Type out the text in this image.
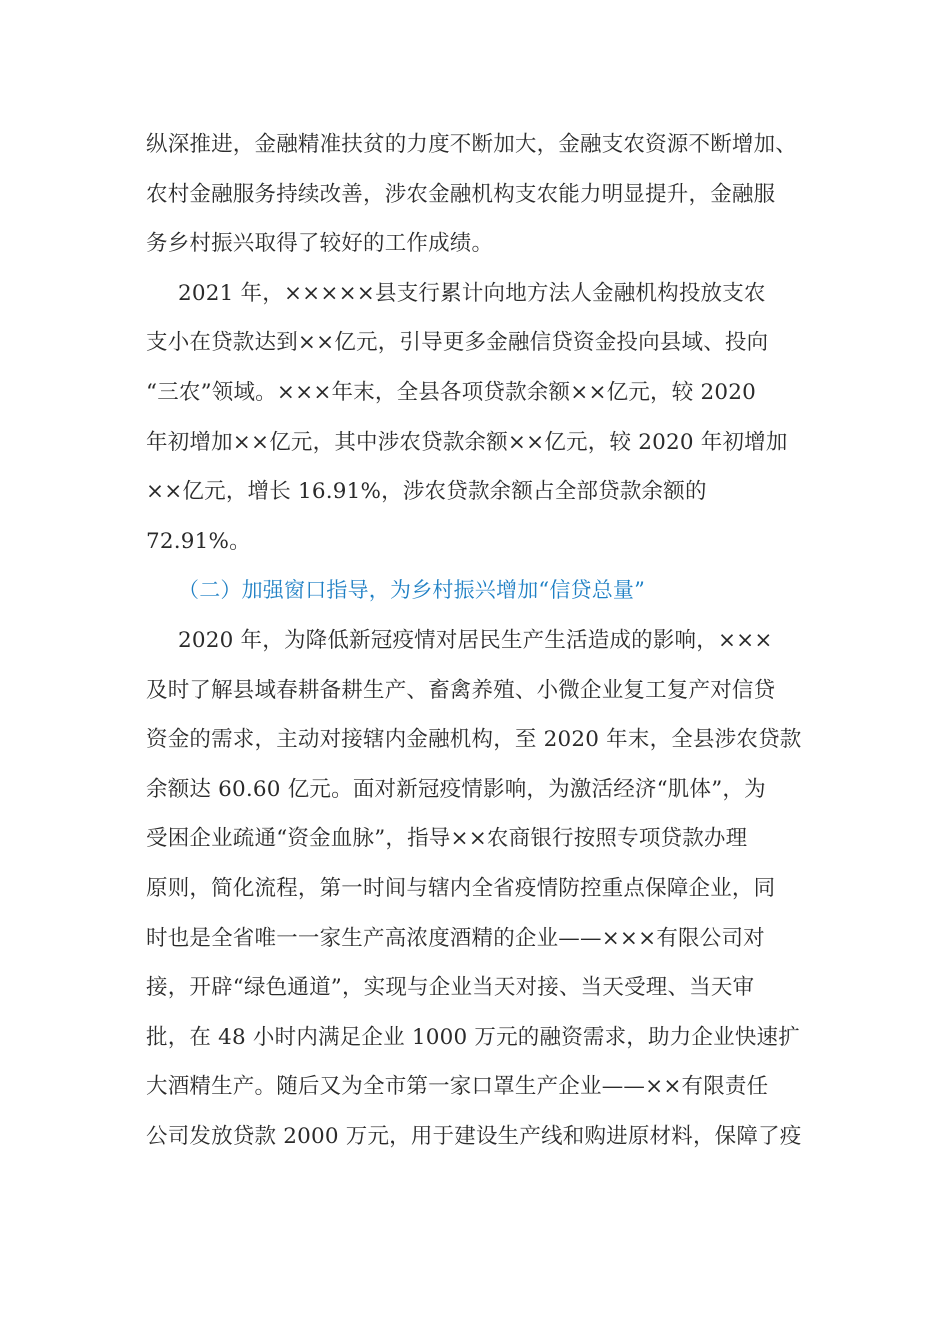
纵深推进，金融精准扶贫的力度不断加大，金融支农资源不断增加、
农村金融服务持续改善，涉农金融机构支农能力明显提升，金融服
务乡村振兴取得了较好的工作成绩。
2021 年，×××××县支行累计向地方法人金融机构投放支农
支小在贷款达到××亿元，引导更多金融信贷资金投向县域、投向
“三农”领域。×××年末，全县各项贷款余额××亿元，较 2020
年初增加××亿元，其中涉农贷款余额××亿元，较 2020 年初增加
××亿元，增长 16.91%，涉农贷款余额占全部贷款余额的
72.91%。
（二）加强窗口指导，为乡村振兴增加“信贷总量”
2020 年，为降低新冠疫情对居民生产生活造成的影响，×××
及时了解县域春耕备耕生产、畜禽养殖、小微企业复工复产对信贷
资金的需求，主动对接辖内金融机构，至 2020 年末，全县涉农贷款
余额达 60.60 亿元。面对新冠疫情影响，为激活经济“肌体”，为
受困企业疏通“资金血脉”，指导××农商银行按照专项贷款办理
原则，简化流程，第一时间与辖内全省疫情防控重点保障企业，同
时也是全省唯一一家生产高浓度酒精的企业——×××有限公司对
接，开辟“绿色通道”，实现与企业当天对接、当天受理、当天审
批，在 48 小时内满足企业 1000 万元的融资需求，助力企业快速扩
大酒精生产。随后又为全市第一家口罩生产企业——××有限责任
公司发放贷款 2000 万元，用于建设生产线和购进原材料，保障了疫
